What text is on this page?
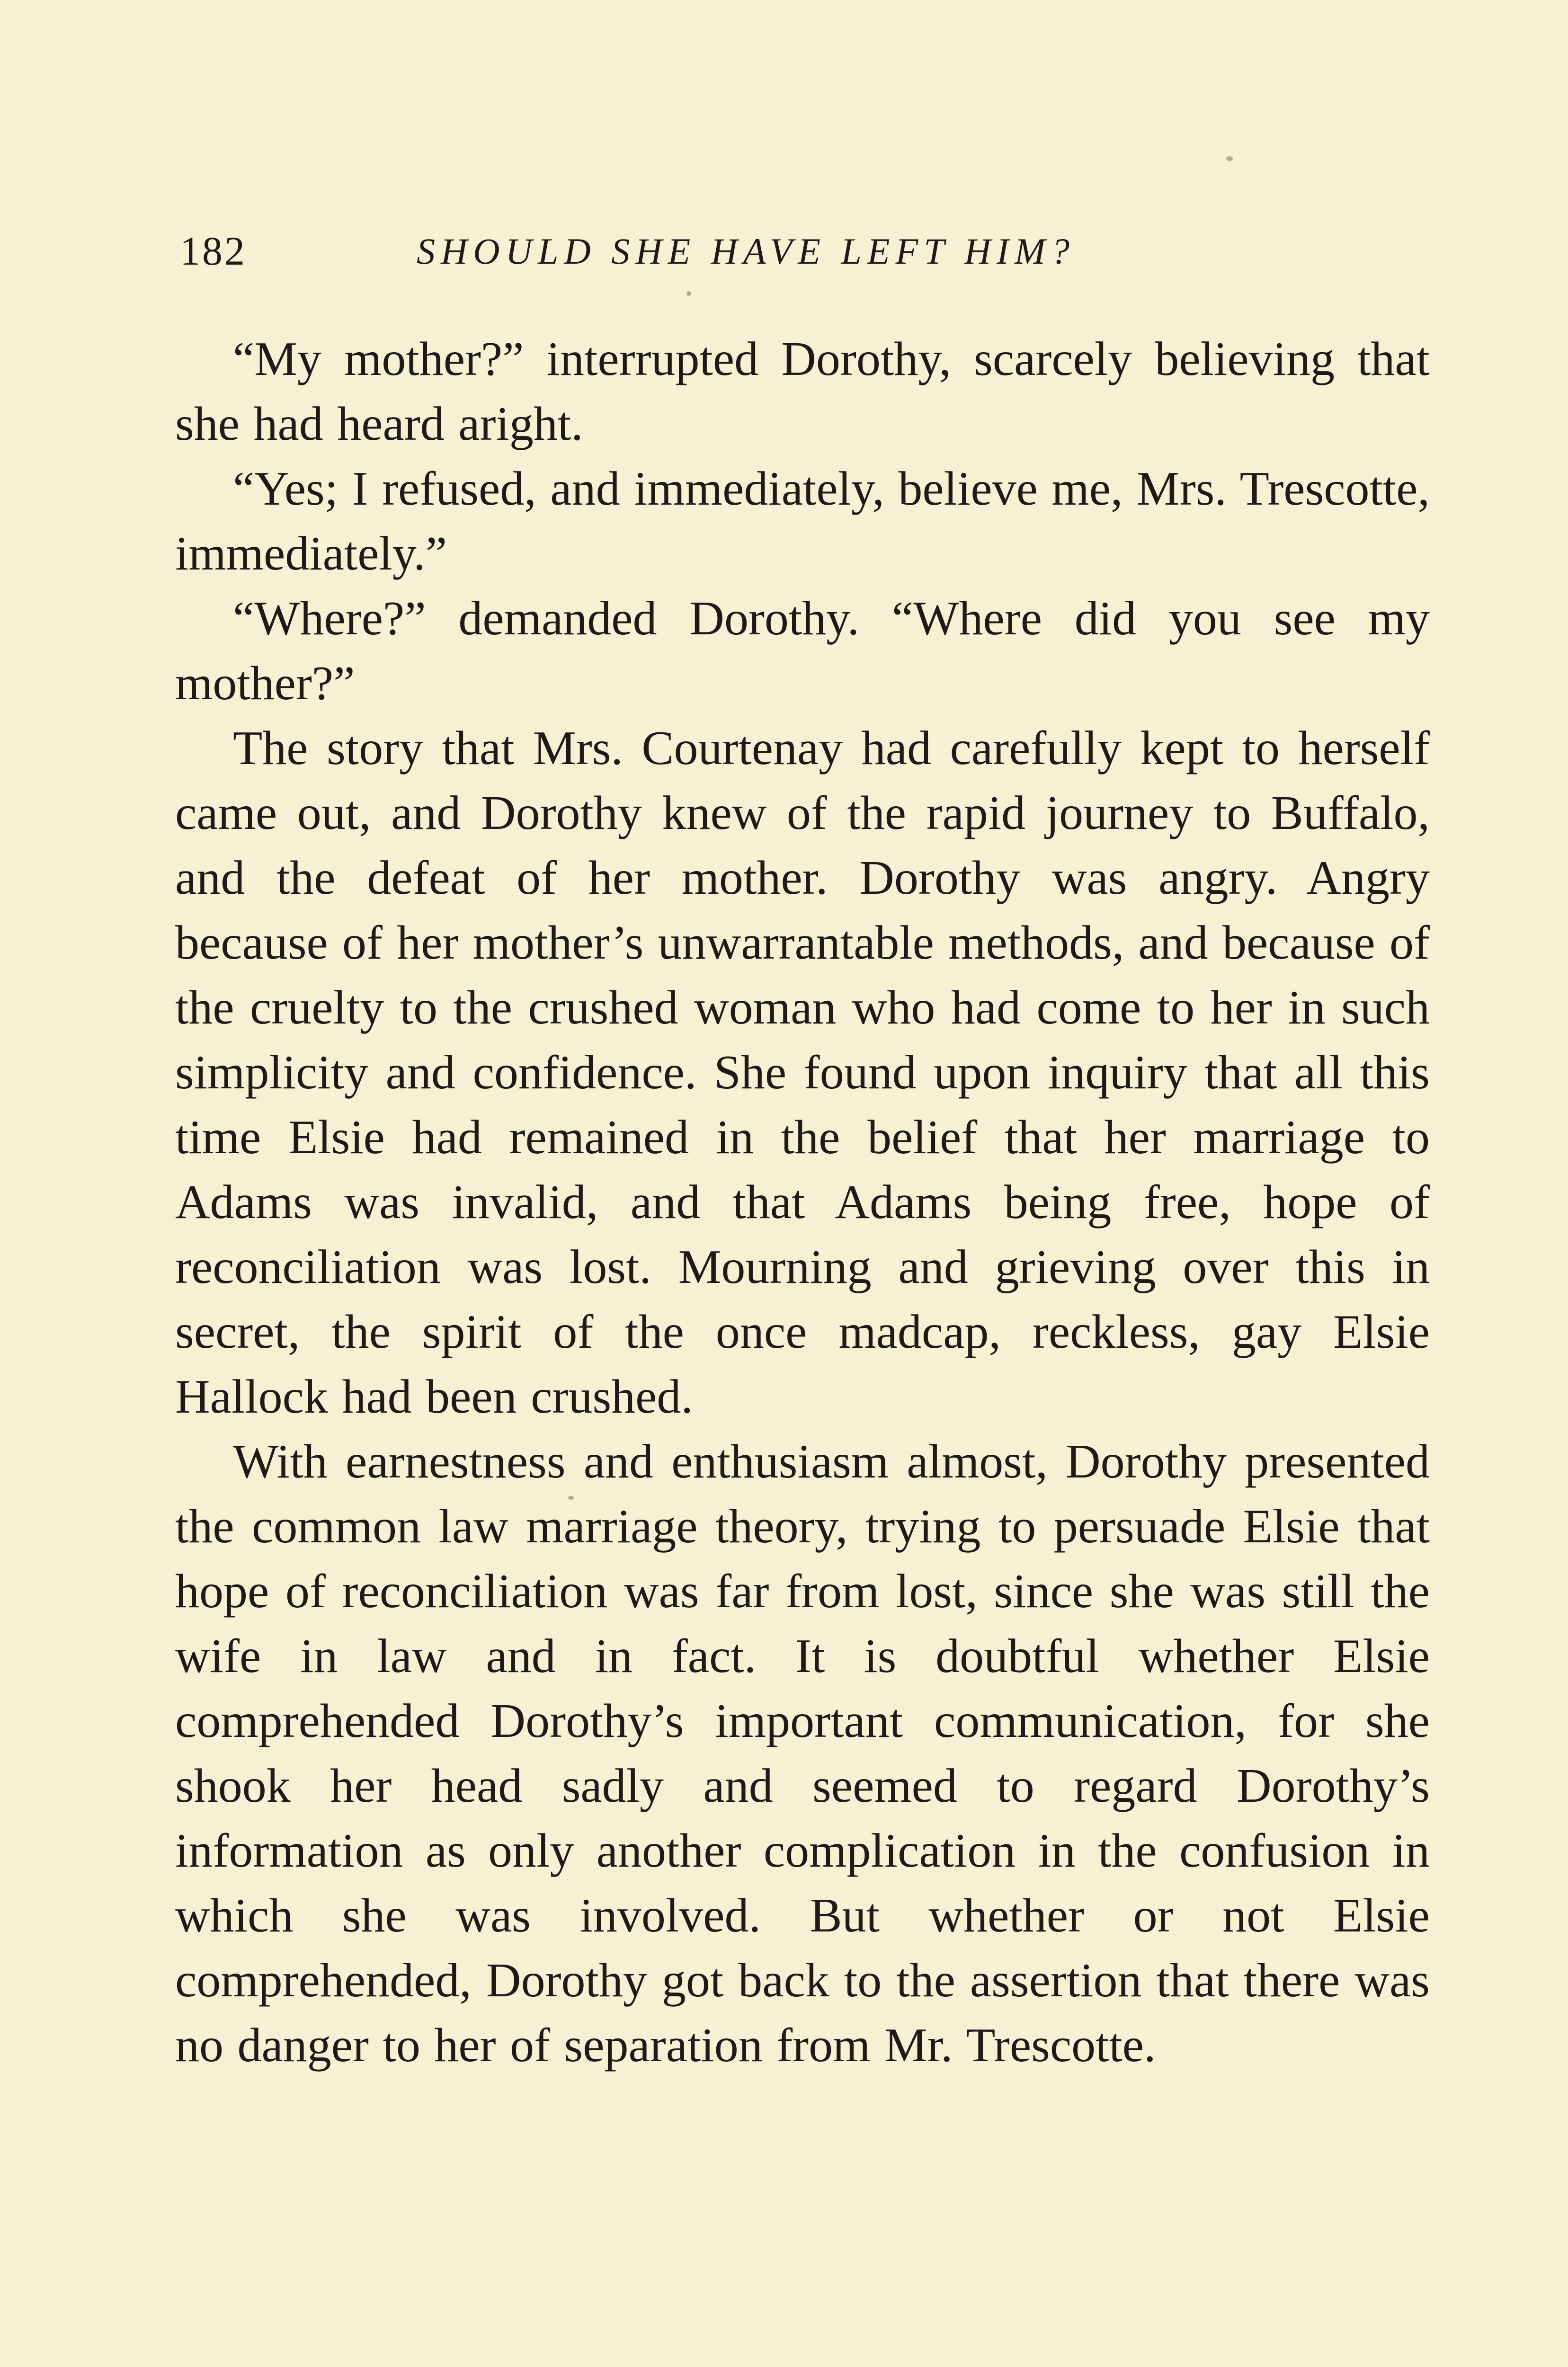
182	SHOULD SHE HAVE LEFT HIM?

“My mother?” interrupted Dorothy, scarcely believing that she had heard aright.

“Yes; I refused, and immediately, believe me, Mrs. Trescotte, immediately.”

“Where?” demanded Dorothy. “Where did you see my mother?”

The story that Mrs. Courtenay had carefully kept to herself came out, and Dorothy knew of the rapid journey to Buffalo, and the defeat of her mother. Dorothy was angry. Angry because of her mother’s unwarrantable methods, and because of the cruelty to the crushed woman who had come to her in such simplicity and confidence. She found upon inquiry that all this time Elsie had remained in the belief that her marriage to Adams was invalid, and that Adams being free, hope of reconciliation was lost. Mourning and grieving over this in secret, the spirit of the once madcap, reckless, gay Elsie Hallock had been crushed.

With earnestness and enthusiasm almost, Dorothy presented the common law marriage theory, trying to persuade Elsie that hope of reconciliation was far from lost, since she was still the wife in law and in fact. It is doubtful whether Elsie comprehended Dorothy’s important communication, for she shook her head sadly and seemed to regard Dorothy’s information as only another complication in the confusion in which she was involved. But whether or not Elsie comprehended, Dorothy got back to the assertion that there was no danger to her of separation from Mr. Trescotte.
